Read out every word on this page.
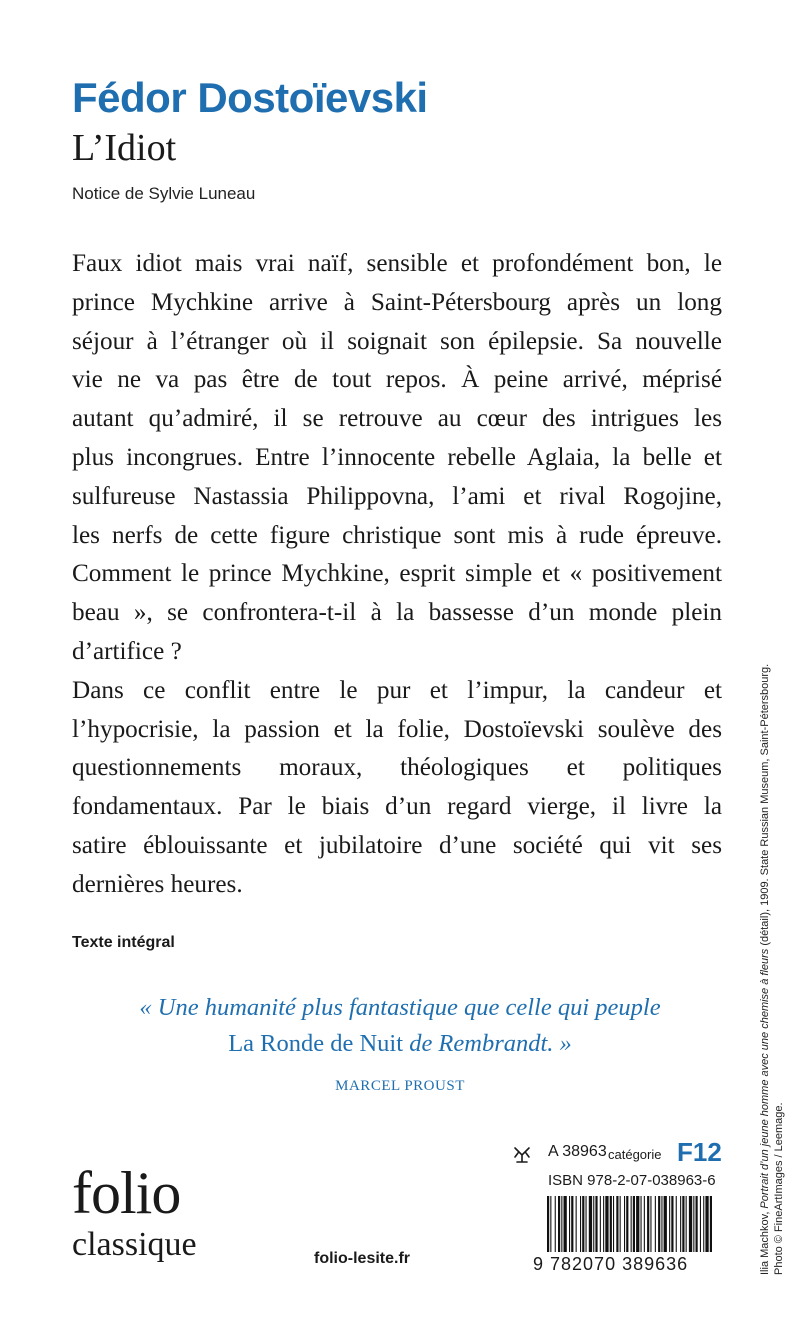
Fédor Dostoïevski
L’Idiot
Notice de Sylvie Luneau
Faux idiot mais vrai naïf, sensible et profondément bon, le
prince Mychkine arrive à Saint-Pétersbourg après un long
séjour à l’étranger où il soignait son épilepsie. Sa nouvelle
vie ne va pas être de tout repos. À peine arrivé, méprisé
autant qu’admiré, il se retrouve au cœur des intrigues les
plus incongrues. Entre l’innocente rebelle Aglaia, la belle et
sulfureuse Nastassia Philippovna, l’ami et rival Rogojine,
les nerfs de cette figure christique sont mis à rude épreuve.
Comment le prince Mychkine, esprit simple et « positivement
beau », se confrontera-t-il à la bassesse d’un monde plein
d’artifice ?
Dans ce conflit entre le pur et l’impur, la candeur et
l’hypocrisie, la passion et la folie, Dostoïevski soulève des
questionnements moraux, théologiques et politiques
fondamentaux. Par le biais d’un regard vierge, il livre la
satire éblouissante et jubilatoire d’une société qui vit ses
dernières heures.
Texte intégral
« Une humanité plus fantastique que celle qui peuple
La Ronde de Nuit de Rembrandt. »
MARCEL PROUST
folio
classique	folio-lesite.fr
A 38963 catégorie F12
ISBN 978-2-07-038963-6
9 782070 389636	Ilia Machkov, Portrait d’un jeune homme avec une chemise à fleurs (détail), 1909. State Russian Museum, Saint-Pétersbourg.
Photo © FineArtImages / Leemage.
